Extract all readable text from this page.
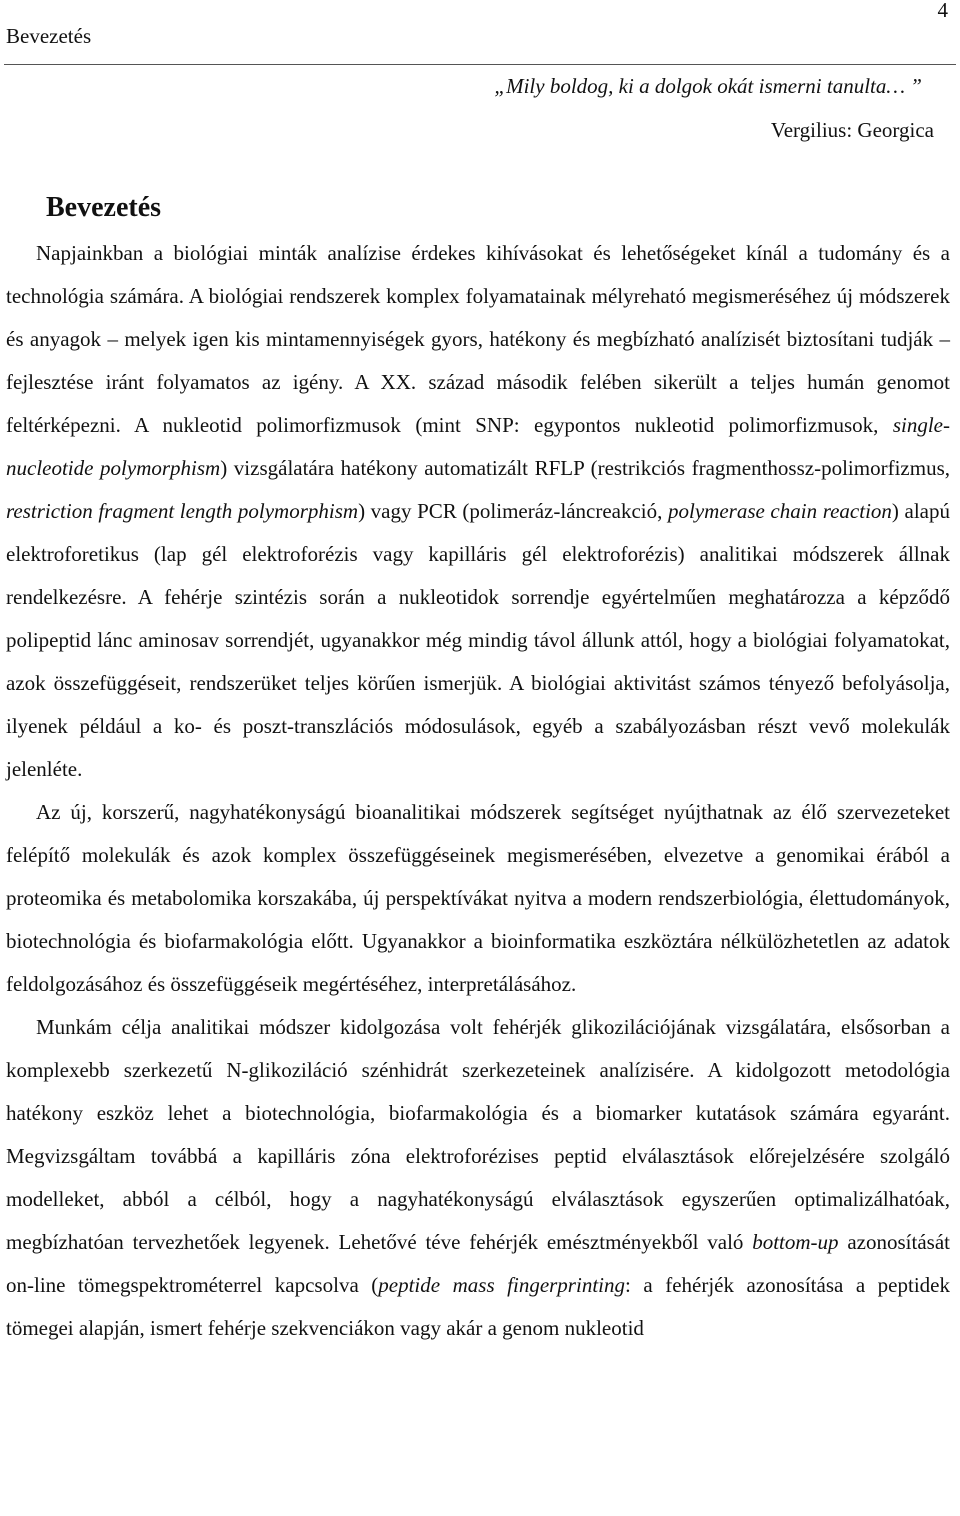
Bevezetés
4
„Mily boldog, ki a dolgok okát ismerni tanulta… ”
Vergilius: Georgica
Bevezetés

Napjainkban a biológiai minták analízise érdekes kihívásokat és lehetőségeket kínál a tudomány és a technológia számára. A biológiai rendszerek komplex folyamatainak mélyreható megismeréséhez új módszerek és anyagok – melyek igen kis mintamennyiségek gyors, hatékony és megbízható analízisét biztosítani tudják – fejlesztése iránt folyamatos az igény. A XX. század második felében sikerült a teljes humán genomot feltérképezni. A nukleotid polimorfizmusok (mint SNP: egypontos nukleotid polimorfizmusok, single-nucleotide polymorphism) vizsgálatára hatékony automatizált RFLP (restrikciós fragmenthossz-polimorfizmus, restriction fragment length polymorphism) vagy PCR (polimeráz-láncreakció, polymerase chain reaction) alapú elektroforetikus (lap gél elektroforézis vagy kapilláris gél elektroforézis) analitikai módszerek állnak rendelkezésre. A fehérje szintézis során a nukleotidok sorrendje egyértelműen meghatározza a képződő polipeptid lánc aminosav sorrendjét, ugyanakkor még mindig távol állunk attól, hogy a biológiai folyamatokat, azok összefüggéseit, rendszerüket teljes körűen ismerjük. A biológiai aktivitást számos tényező befolyásolja, ilyenek például a ko- és poszt-transzlációs módosulások, egyéb a szabályozásban részt vevő molekulák jelenléte.

Az új, korszerű, nagyhatékonyságú bioanalitikai módszerek segítséget nyújthatnak az élő szervezeteket felépítő molekulák és azok komplex összefüggéseinek megismerésében, elvezetve a genomikai érából a proteomika és metabolomika korszakába, új perspektívákat nyitva a modern rendszerbiológia, élettudományok, biotechnológia és biofarmakológia előtt. Ugyanakkor a bioinformatika eszköztára nélkülözhetetlen az adatok feldolgozásához és összefüggéseik megértéséhez, interpretálásához.

Munkám célja analitikai módszer kidolgozása volt fehérjék glikozilációjának vizsgálatára, elsősorban a komplexebb szerkezetű N-glikoziláció szénhidrát szerkezeteinek analízisére. A kidolgozott metodológia hatékony eszköz lehet a biotechnológia, biofarmakológia és a biomarker kutatások számára egyaránt. Megvizsgáltam továbbá a kapilláris zóna elektroforézises peptid elválasztások előrejelzésére szolgáló modelleket, abból a célból, hogy a nagyhatékonyságú elválasztások egyszerűen optimalizálhatóak, megbízhatóan tervezhetőek legyenek. Lehetővé téve fehérjék emésztményekből való bottom-up azonosítását on-line tömegspektrométerrel kapcsolva (peptide mass fingerprinting: a fehérjék azonosítása a peptidek tömegei alapján, ismert fehérje szekvenciákon vagy akár a genom nukleotid
